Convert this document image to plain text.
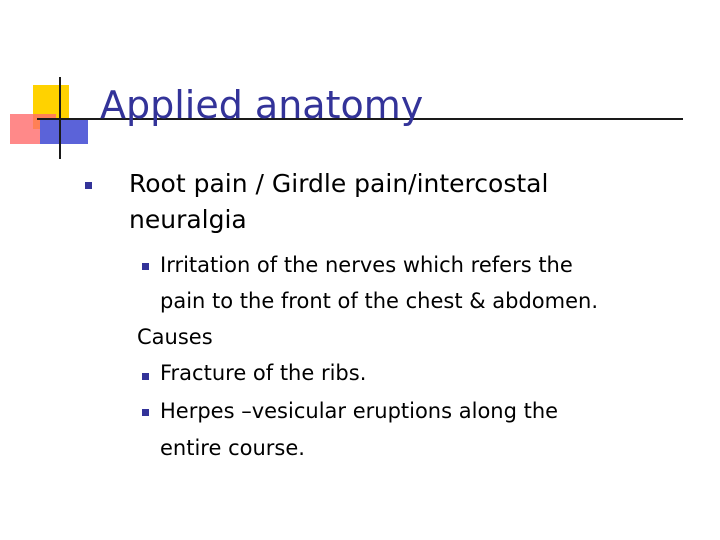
Applied anatomy
Root pain / Girdle pain/intercostal
neuralgia
Irritation of the nerves which refers the
pain to the front of the chest & abdomen.
Causes
Fracture of the ribs.
Herpes –vesicular eruptions along the
entire course.
